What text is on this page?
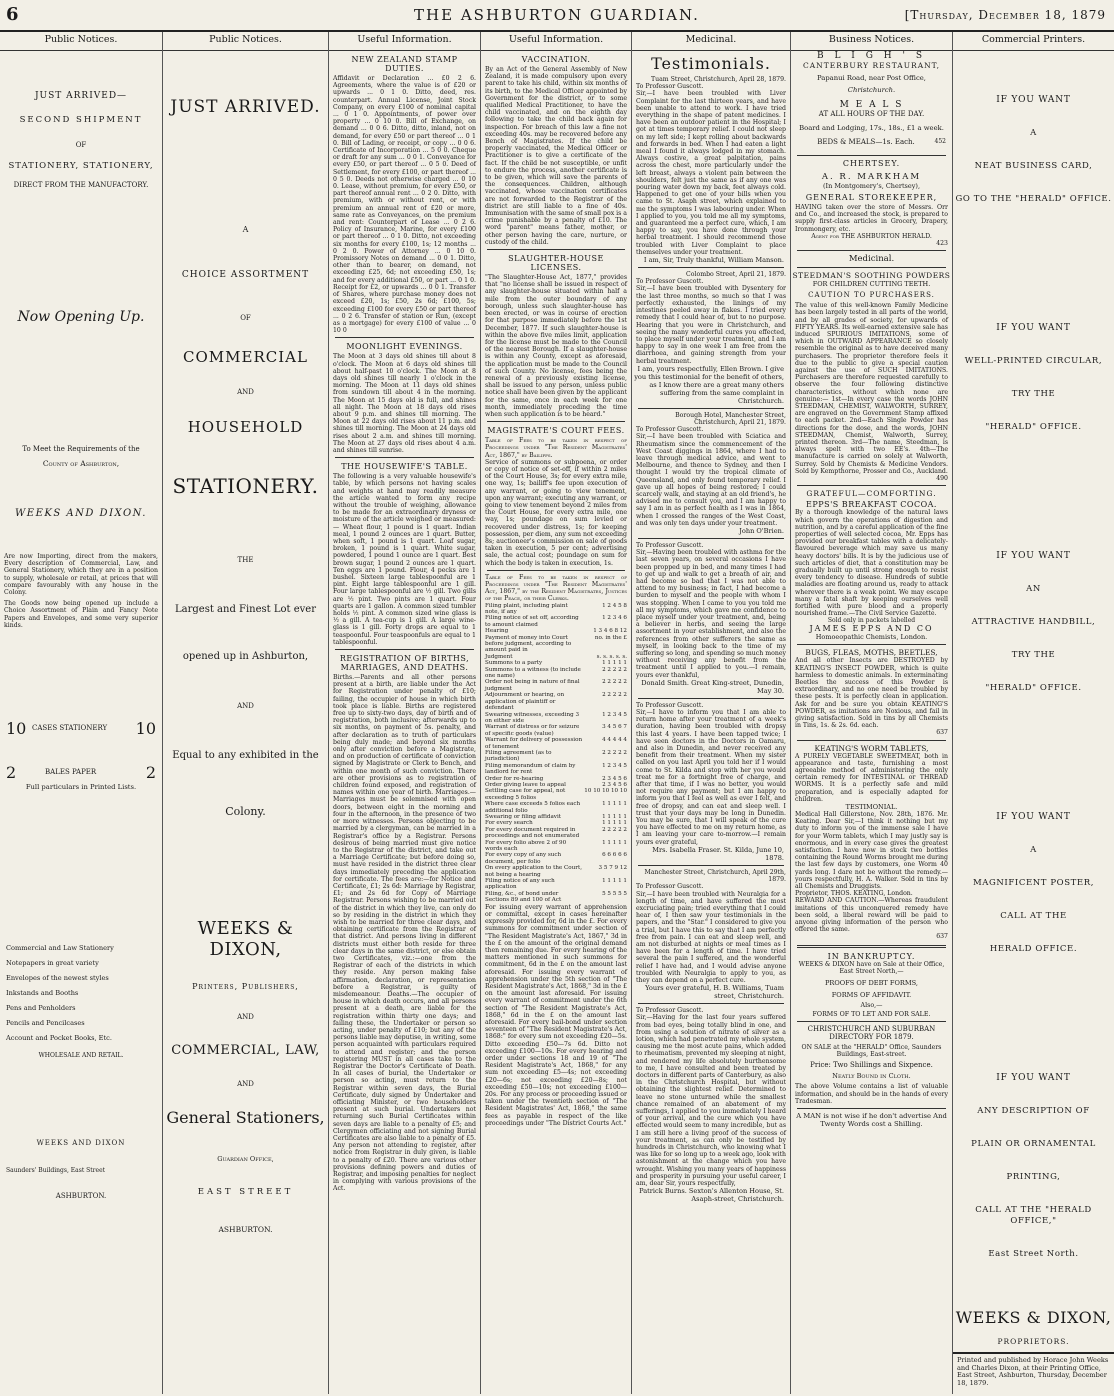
6	THE ASHBURTON GUARDIAN.	[Thursday, December 18, 1879
Public Notices.
JUST ARRIVED—
SECOND SHIPMENT
OF
STATIONERY, STATIONERY,
DIRECT FROM THE MANUFACTORY.
Now Opening Up.
To Meet the Requirements of the
County of Ashburton,
WEEKS AND DIXON.
Are now Importing, direct from the makers, Every description of Commercial, Law, and General Stationery, which they are in a position to supply, wholesale or retail, at prices that will compare favourably with any house in the Colony.
The Goods now being opened up include a Choice Assortment of Plain and Fancy Note Papers and Envelopes, and some very superior kinds.
10 CASES STATIONERY 10
2	BALES PAPER	2
Full particulars in Printed Lists.
Commercial and Law Stationery
Notepapers in great variety
Envelopes of the newest styles
Inkstands and Booths
Pens and Penholders
Pencils and Pencilcases
Account and Pocket Books, Etc.
WHOLESALE AND RETAIL.
WEEKS AND DIXON
Saunders' Buildings, East Street
ASHBURTON.
Public Notices.
JUST ARRIVED.
A
CHOICE ASSORTMENT
OF
COMMERCIAL
AND
HOUSEHOLD
STATIONERY.
THE
Largest and Finest Lot ever
opened up in Ashburton,
AND
Equal to any exhibited in the
Colony.
WEEKS & DIXON,
Printers, Publishers,
AND
COMMERCIAL, LAW,
AND
General Stationers,
Guardian Office,
EAST STREET
ASHBURTON.
Useful Information.
NEW ZEALAND STAMP DUTIES.
Affidavit or Declaration ... £0 2 6. Agreements, where the value is of £20 or upwards ... 0 1 0. Ditto, deed, res. counterpart. Annual License, Joint Stock Company, on every £100 of nominal capital ... 0 1 0. Appointments, of power over property ... 0 10 0. Bill of Exchange, on demand ... 0 0 6. Ditto, ditto, inland, not on demand, for every £50 or part thereof ... 0 1 0. Bill of Lading, or receipt, or copy ... 0 0 6. Certificate of Incorporation ... 5 0 0. Cheque or draft for any sum ... 0 0 1. Conveyance for every £50, or part thereof ... 0 5 0. Deed of Settlement, for every £100, or part thereof ... 0 5 0. Deeds not otherwise charged ... 0 10 0. Lease, without premium, for every £50, or part thereof annual rent ... 0 2 0. Ditto, with premium, with or without rent, or with premium an annual rent of £20 or more, same rate as Conveyances, on the premium and rent: Counterpart of Lease ... 0 2 6. Policy of Insurance, Marine, for every £100 or part thereof ... 0 1 0. Ditto, not exceeding six months for every £100, 1s; 12 months ... 0 2 0. Power of Attorney ... 0 10 0. Promissory Notes on demand ... 0 0 1. Ditto, other than to bearer, on demand, not exceeding £25, 6d; not exceeding £50, 1s; and for every additional £50, or part ... 0 1 0. Receipt for £2, or upwards ... 0 0 1. Transfer of Shares, where purchase money does not exceed £20, 1s; £50, 2s 6d; £100, 5s; exceeding £100 for every £50 or part thereof ... 0 2 6. Transfer of station or Run, (except as a mortgage) for every £100 of value ... 0 10 0
MOONLIGHT EVENINGS.
The Moon at 3 days old shines till about 8 o'clock. The Moon at 6 days old shines till about half-past 10 o'clock. The Moon at 8 days old shines till nearly 1 o'clock in the morning. The Moon at 11 days old shines from sundown till about 4 in the morning. The Moon at 15 days old is full, and shines all night. The Moon at 18 days old rises about 9 p.m. and shines till morning. The Moon at 22 days old rises about 11 p.m. and shines till morning. The Moon at 24 days old rises about 2 a.m. and shines till morning. The Moon at 27 days old rises about 4 a.m. and shines till sunrise.
THE HOUSEWIFE'S TABLE.
The following is a very valuable housewife's table, by which persons not having scales and weights at hand may readily measure the article wanted to form any recipe without the trouble of weighing, allowance to be made for an extraordinary dryness or moisture of the article weighed or measured:— Wheat flour, 1 pound is 1 quart. Indian meal, 1 pound 2 ounces are 1 quart. Butter, when soft, 1 pound is 1 quart. Loaf sugar, broken, 1 pound is 1 quart. White sugar, powdered, 1 pound 1 ounce are 1 quart. Best brown sugar, 1 pound 2 ounces are 1 quart. Ten eggs are 1 pound. Flour, 4 pecks are 1 bushel. Sixteen large tablespoonful are 1 pint. Eight large tablespoonful are 1 gill. Four large tablespoonful are ½ gill. Two gills are ½ pint. Two pints are 1 quart. Four quarts are 1 gallon. A common sized tumbler holds ½ pint. A common sized wine glass is ½ a gill. A tea-cup is 1 gill. A large wine-glass is 1 gill. Forty drops are equal to 1 teaspoonful. Four teaspoonfuls are equal to 1 tablespoonful.
REGISTRATION OF BIRTHS, MARRIAGES, AND DEATHS.
Births.—Parents and all other persons present at a birth, are liable under the Act for Registration under penalty of £10; failing, the occupier of house in which birth took place is liable. Births are registered free up to sixty-two days, day of birth and of registration, both inclusive; afterwards up to six months, on payment of 5s. penalty, and after declaration as to truth of particulars being duly made; and beyond six months only after conviction before a Magistrate, and on production of certificate of conviction signed by Magistrate or Clerk to Bench, and within one month of such conviction. There are other provisions as to registration of children found exposed, and registration of names within one year of birth. Marriages.—Marriages must be solemnised with open doors, between eight in the morning and four in the afternoon, in the presence of two or more witnesses. Persons objecting to be married by a clergyman, can be married in a Registrar's office by a Registrar. Persons desirous of being married must give notice to the Registrar of the district, and take out a Marriage Certificate; but before doing so, must have resided in the district three clear days immediately preceding the application for certificate. The fees are:—for Notice and Certificate, £1; 2s 6d: Marriage by Registrar, £1; and 2s 6d for Copy of Marriage Registrar. Persons wishing to be married out of the district in which they live, can only do so by residing in the district in which they wish to be married for three clear days, and obtaining certificate from the Registrar of that district. And persons living in different districts must either both reside for three clear days in the same district, or else obtain two Certificates, viz.:—one from the Registrar of each of the districts in which they reside. Any person making false affirmation, declaration, or representation before a Registrar, is guilty of misdemeanour. Deaths.—The occupier of house in which death occurs, and all persons present at a death, are liable for the registration within thirty one days; and failing these, the Undertaker or person so acting, under penalty of £10; but any of the persons liable may deputise, in writing, some person acquainted with particulars required to attend and register; and the person registering MUST in all cases take to the Registrar the Doctor's Certificate of Death. In all cases of burial, the Undertaker or person so acting, must return to the Registrar within seven days, the Burial Certificate, duly signed by Undertaker and officiating Minister, or two householders present at such burial. Undertakers not returning such Burial Certificates within seven days are liable to a penalty of £5; and Clergymen officiating and not signing Burial Certificates are also liable to a penalty of £5. Any person not attending to register, after notice from Registrar in duly given, is liable to a penalty of £20. There are various other provisions defining powers and duties of Registrar, and imposing penalties for neglect in complying with various provisions of the Act.
Useful Information.
VACCINATION.
By an Act of the General Assembly of New Zealand, it is made compulsory upon every parent to take his child, within six months of its birth, to the Medical Officer appointed by Government for the district, or to some qualified Medical Practitioner, to have the child vaccinated, and on the eighth day following to take the child back again for inspection. For breach of this law a fine not exceeding 40s. may be recovered before any Bench of Magistrates. If the child be properly vaccinated, the Medical Officer or Practitioner is to give a certificate of the fact. If the child be not susceptible, or unfit to endure the process, another certificate is to be given, which will save the parents of the consequences. Children, although vaccinated, whose vaccination certificates are not forwarded to the Registrar of the district are still liable to a fine of 40s. Immunisation with the same of small pox is a crime punishable by a penalty of £10. The word "parent" means father, mother, or other person having the care, nurture, or custody of the child.
SLAUGHTER-HOUSE LICENSES.
"The Slaughter-House Act, 1877," provides that "no license shall be issued in respect of any slaughter-house situated within half a mile from the outer boundary of any borough, unless such slaughter-house has been erected, or was in course of erection for that purpose immediately before the 1st December, 1877. If such slaughter-house is within the above five miles limit, application for the license must be made to the Council of the nearest Borough. If a slaughter-house is within any County, except as aforesaid, the application must be made to the Council of such County. No license, fees being the renewal of a previously existing license, shall be issued to any person, unless public notice shall have been given by the applicant for the same, once in each week for one month, immediately preceding the time when such application is to be heard."
MAGISTRATE'S COURT FEES.
Table of Fees to be taken in respect of Proceedings under "The Resident Magistrates' Act, 1867," by Bailiffs.
Service of summons or subpoena, or order or copy of notice of set-off, if within 2 miles of the Court House, 3s; for every extra mile, one way, 1s; bailiff's fee upon execution of any warrant, or going to view tenement, upon any warrant; executing any warrant, or going to view tenement beyond 2 miles from the Court House, for every extra mile, one way, 1s; poundage on sum levied or recovered under distress, 1s; for keeping possession, per diem, any sum not exceeding 8s; auctioneer's commission on sale of goods taken in execution, 5 per cent; advertising sale, the actual cost; poundage on sum for which the body is taken in execution, 1s.
Table of Fees to be taken in respect of Proceedings under "The Resident Magistrates' Act, 1867," by the Resident Magistrates, Justices of the Peace, or their Clerks.
Filing plaint, including plaint note, if any	1 2 4 5 8
Filing notice of set off, according to amount claimed	1 2 3 4 6
Hearing	1 3 4 6 8 12
Payment of money into Court before judgment, according to amount paid in	no. in the £
Judgment	s. s. s. s. s.
Summons to a party	1 1 1 1 1
Summons to a witness (to include one name)	2 2 2 2 2
Order not being in nature of final judgment	2 2 2 2 2
Adjournment or hearing, on application of plaintiff or defendant	2 2 2 2 2
Swearing witnesses, exceeding 3 on either side	1 2 3 4 5
Warrant of distress or for seizure of specific goods (value)	3 4 5 6 7
Warrant for delivery of possession of tenement	4 4 4 4 4
Filing agreement (as to jurisdiction)	2 2 2 2 2
Filing memorandum of claim by landlord for rent	1 2 3 4 5
Order for re-hearing	2 3 4 5 6
Order giving leave to appeal	2 3 4 5 6
Settling case for appeal, not exceeding 5 folios	10 10 10 10 10
Where case exceeds 5 folios each additional folio	1 1 1 1 1
Swearing or filing affidavit	1 1 1 1 1
For every search	1 1 1 1 1
For every document required in proceedings and not enumerated	2 2 2 2 2
For every folio above 2 of 90 words each	1 1 1 1 1
For every copy of any such document, per folio	6 6 6 6 6
On every application to the Court, not being a hearing	3 5 7 9 12
Filing notice of any such application	1 1 1 1 1
Filing, &c., of bond under Sections 89 and 100 of Act	5 5 5 5 5
For issuing every warrant of apprehension or committal, except in cases hereinafter expressly provided for, 6d in the £. For every summons for commitment under section of "The Resident Magistrate's Act, 1867," 3d in the £ on the amount of the original demand then remaining due. For every hearing of the matters mentioned in such summons for commitment, 6d in the £ on the amount last aforesaid. For issuing every warrant of apprehension under the 5th section of "The Resident Magistrate's Act, 1868," 3d in the £ on the amount last aforesaid. For issuing every warrant of commitment under the 6th section of "The Resident Magistrate's Act, 1868," 6d in the £ on the amount last aforesaid. For every bail-bond under section seventeen of "The Resident Magistrate's Act, 1868:" for every sum not exceeding £20—5s. Ditto exceeding £50—7s 6d. Ditto not exceeding £100—10s. For every hearing and order under sections 18 and 19 of "The Resident Magistrate's Act, 1868," for any sum not exceeding £5—4s; not exceeding £20—6s; not exceeding £20—8s; not exceeding £50—10s; not exceeding £100—20s. For any process or proceeding issued or taken under the twentieth section of "The Resident Magistrates' Act, 1868," the same fees as payable in respect of the like proceedings under "The District Courts Act."
Medicinal.
Testimonials.
Tuam Street, Christchurch, April 28, 1879.
To Professor Guscott.
Sir,—I have been troubled with Liver Complaint for the last thirteen years, and have been unable to attend to work. I have tried everything in the shape of patent medicines. I have been an outdoor patient in the Hospital; I got at times temporary relief. I could not sleep on my left side; I kept rolling about backwards and forwards in bed. When I had eaten a light meal I found it always lodged in my stomach. Always costive, a great palpitation, pains across the chest, more particularly under the left breast, always a violent pain between the shoulders, felt just the same as if any one was pouring water down my back, feet always cold. Happened to get one of your bills when you came to St. Asaph street, which explained to me the symptoms I was labouring under. When I applied to you, you told me all my symptoms, and guaranteed me a perfect cure, which, I am happy to say, you have done through your herbal treatment. I should recommend those troubled with Liver Complaint to place themselves under your treatment.
I am, Sir, Truly thankful, William Manson.
Colombo Street, April 21, 1879.
To Professor Guscott.
Sir,—I have been troubled with Dysentery for the last three months, so much so that I was perfectly exhausted, the linings of my intestines peeled away in flakes. I tried every remedy that I could hear of, but to no purpose. Hearing that you were in Christchurch, and seeing the many wonderful cures you effected, to place myself under your treatment, and I am happy to say in one week I am free from the diarrhoea, and gaining strength from your herbal treatment.
I am, yours respectfully, Ellen Brown. I give you this testimonial for the benefit of others, as I know there are a great many others suffering from the same complaint in Christchurch.
Borough Hotel, Manchester Street, Christchurch, April 21, 1879.
To Professor Guscott.
Sir,—I have been troubled with Sciatica and Rheumatism since the commencement of the West Coast diggings in 1864, where I had to leave through medical advice, and went to Melbourne, and thence to Sydney, and then I thought I would try the tropical climate of Queensland, and only found temporary relief. I gave up all hopes of being restored; I could scarcely walk, and staying at an old friend's, he advised me to consult you, and I am happy to say I am in as perfect health as I was in 1864, when I crossed the ranges of the West Coast, and was only ten days under your treatment.
John O'Brien.
To Professor Guscott.
Sir,—Having been troubled with asthma for the last seven years, on several occasions I have been propped up in bed, and many times I had to get up and walk to get a breath of air, and had become so bad that I was not able to attend to my business; in fact, I had become a burden to myself and the people with whom I was stopping. When I came to you you told me all my symptoms, which gave me confidence to place myself under your treatment, and, being a believer in herbs, and seeing the large assortment in your establishment, and also the references from other sufferers the same as myself, in looking back to the time of my suffering so long, and spending so much money without receiving any benefit from the treatment until I applied to you.—I remain, yours ever thankful,
Donald Smith. Great King-street, Dunedin, May 30.
To Professor Guscott.
Sir,—I have to inform you that I am able to return home after your treatment of a week's duration, having been troubled with dropsy this last 4 years. I have been tapped twice; I have seen doctors in the Doctors in Oamaru, and also in Dunedin, and never received any benefit from their treatment. When my sister called on you last April you told her if I would come to St. Kilda and stop with her you would treat me for a fortnight free of charge, and after that time, if I was no better, you would not require any payment; but I am happy to inform you that I feel as well as ever I felt, and free of dropsy, and can eat and sleep well. I trust that your days may be long in Dunedin. You may be sure, that I will speak of the cure you have effected to me on my return home, as I am leaving your care to-morrow.—I remain yours ever grateful,
Mrs. Isabella Fraser. St. Kilda, June 10, 1878.
Manchester Street, Christchurch, April 29th, 1879.
To Professor Guscott.
Sir,—I have been troubled with Neuralgia for a length of time, and have suffered the most excruciating pain; tried everything that I could hear of, I then saw your testimonials in the papers, and the "Star." I considered to give you a trial, but I have this to say that I am perfectly free from pain. I can eat and sleep well, and am not disturbed at nights or meal times as I have been for a length of time. I have tried several the pain I suffered, and the wonderful relief I have had, and I would advise anyone troubled with Neuralgia to apply to you, as they can depend on a perfect cure.
Yours ever grateful, H. B. Williams, Tuam street, Christchurch.
To Professor Guscott.
Sir,—Having for the last four years suffered from bad eyes, being totally blind in one, and from using a solution of nitrate of silver as a lotion, which had penetrated my whole system, causing me the most acute pains, which added to rheumatism, prevented my sleeping at night, and rendered my life absolutely burthensome to me, I have consulted and been treated by doctors in different parts of Canterbury, as also in the Christchurch Hospital, but without obtaining the slightest relief. Determined to leave no stone unturned while the smallest chance remained of an abatement of my sufferings, I applied to you immediately I heard of your arrival, and the cure which you have effected would seem to many incredible, but as I am still here a living proof of the success of your treatment, as can only be testified by hundreds in Christchurch, who knowing what I was like for so long up to a week ago, look with astonishment at the change which you have wrought. Wishing you many years of happiness and prosperity in pursuing your useful career, I am, dear Sir, yours respectfully,
Patrick Burns. Sexton's Allenton House, St. Asaph-street, Christchurch.
Business Notices.
B L I G H ' S
CANTERBURY RESTAURANT,
Papanui Road, near Post Office,
Christchurch.
M E A L S
AT ALL HOURS OF THE DAY.
Board and Lodging, 17s., 18s., £1 a week.
BEDS & MEALS—1s. Each.	452
CHERTSEY.
A. R. MARKHAM
(In Montgomery's, Chertsey),
GENERAL STOREKEEPER,
HAVING taken over the store of Messrs. Orr and Co., and increased the stock, is prepared to supply first-class articles in Grocery, Drapery, Ironmongery, etc.
Agent for THE ASHBURTON HERALD.
423
Medicinal.
STEEDMAN'S SOOTHING POWDERS
FOR CHILDREN CUTTING TEETH.
CAUTION TO PURCHASERS.
The value of this well-known Family Medicine has been largely tested in all parts of the world, and by all grades of society, for upwards of FIFTY YEARS. Its well-earned extensive sale has induced SPURIOUS IMITATIONS, some of which in OUTWARD APPEARANCE so closely resemble the original as to have deceived many purchasers. The proprietor therefore feels it due to the public to give a special caution against the use of SUCH IMITATIONS. Purchasers are therefore requested carefully to observe the four following distinctive characteristics, without which none are genuine:— 1st—In every case the words JOHN STEEDMAN, CHEMIST, WALWORTH, SURREY, are engraved on the Government Stamp affixed to each packet. 2nd—Each Single Powder has directions for the dose, and the words, JOHN STEEDMAN, Chemist, Walworth, Surrey, printed thereon. 3rd—The name, Steedman, is always spelt with two EE's. 4th—The manufacture is carried on solely at Walworth, Surrey. Sold by Chemists & Medicine Vendors. Sold by Kempthorne, Prosser and Co., Auckland.
490
GRATEFUL—COMFORTING.
EPPS'S BREAKFAST COCOA.
By a thorough knowledge of the natural laws which govern the operations of digestion and nutrition, and by a careful application of the fine properties of well selected cocoa, Mr. Epps has provided our breakfast tables with a delicately-flavoured beverage which may save us many heavy doctors' bills. It is by the judicious use of such articles of diet, that a constitution may be gradually built up until strong enough to resist every tendency to disease. Hundreds of subtle maladies are floating around us, ready to attack wherever there is a weak point. We may escape many a fatal shaft by keeping ourselves well fortified with pure blood and a properly nourished frame.—The Civil Service Gazette.
Sold only in packets labelled
JAMES EPPS AND CO
Homoeopathic Chemists, London.
BUGS, FLEAS, MOTHS, BEETLES,
And all other Insects are DESTROYED by KEATING'S INSECT POWDER, which is quite harmless to domestic animals. In exterminating Beetles the success of this Powder is extraordinary, and no one need be troubled by these pests. It is perfectly clean in application. Ask for and be sure you obtain KEATING'S POWDER, as imitations are Noxious, and fail in giving satisfaction. Sold in tins by all Chemists in Tins, 1s. & 2s. 6d. each.
637
KEATING'S WORM TABLETS,
A PURELY VEGETABLE SWEETMEAT, both in appearance and taste, furnishing a most agreeable method of administering the only certain remedy for INTESTINAL or THREAD WORMS. It is a perfectly safe and mild preparation, and is especially adapted for children.
TESTIMONIAL.
Medical Hall Gillerstone, Nov. 28th, 1876. Mr. Keating. Dear Sir,—I think it nothing but my duty to inform you of the immense sale I have for your Worm tablets, which I may justly say is enormous, and in every case gives the greatest satisfaction. I have now in stock two bottles containing the Round Worms brought me during the last few days by customers, one Worm 40 yards long. I dare not be without the remedy.—yours respectfully, H. A. Walker. Sold in tins by all Chemists and Druggists.
Proprietor, THOS. KEATING, London.
REWARD AND CAUTION.—Whereas fraudulent imitations of this unconquered remedy have been sold, a liberal reward will be paid to anyone giving information of the person who offered the same.
637
IN BANKRUPTCY.
WEEKS & DIXON have on Sale at their Office, East Street North,—
PROOFS OF DEBT FORMS,
FORMS OF AFFIDAVIT.
Also,—
FORMS OF TO LET AND FOR SALE.
CHRISTCHURCH AND SUBURBAN DIRECTORY FOR 1879.
ON SALE at the "HERALD" Office, Saunders Buildings, East-street.
Price: Two Shillings and Sixpence.
Neatly Bound in Cloth.
The above Volume contains a list of valuable information, and should be in the hands of every Tradesman.
A MAN is not wise if he don't advertise And Twenty Words cost a Shilling.
Commercial Printers.
IF YOU WANT
A
NEAT BUSINESS CARD,
GO TO THE "HERALD" OFFICE.
IF YOU WANT
WELL-PRINTED CIRCULAR,
TRY THE
"HERALD" OFFICE.
IF YOU WANT
AN
ATTRACTIVE HANDBILL,
TRY THE
"HERALD" OFFICE.
IF YOU WANT
A
MAGNIFICENT POSTER,
CALL AT THE
HERALD OFFICE.
IF YOU WANT
ANY DESCRIPTION OF
PLAIN OR ORNAMENTAL
PRINTING,
CALL AT THE "HERALD OFFICE,"
East Street North.
WEEKS & DIXON,
PROPRIETORS.
Printed and published by Horace John Weeks and Charles Dixon, at their Printing Office, East Street, Ashburton, Thursday, December 18, 1879.
